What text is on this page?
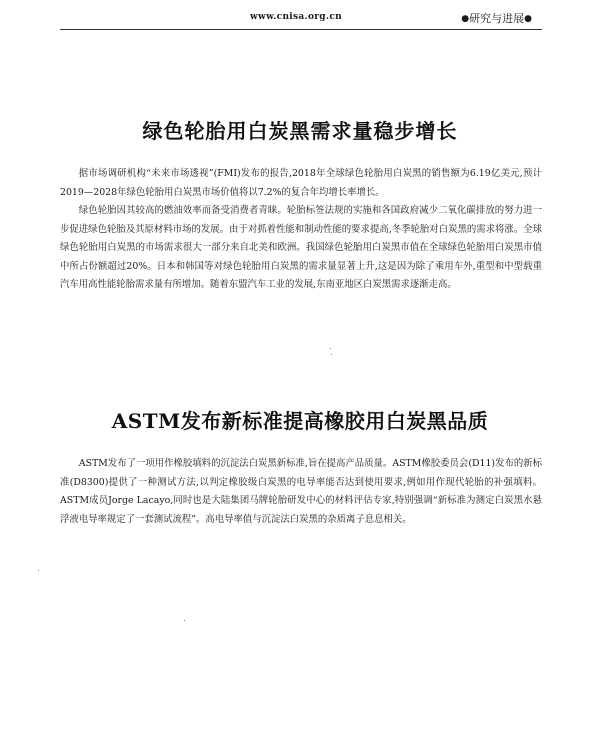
www.cnisa.org.cn	●研究与进展●
绿色轮胎用白炭黑需求量稳步增长

据市场调研机构“未来市场透视”(FMI)发布的报告,2018年全球绿色轮胎用白炭黑的销售额为6.19亿美元,预计2019—2028年绿色轮胎用白炭黑市场价值将以7.2%的复合年均增长率增长。

绿色轮胎因其较高的燃油效率而备受消费者青睐。轮胎标签法规的实施和各国政府减少二氧化碳排放的努力进一步促进绿色轮胎及其原材料市场的发展。由于对抓着性能和制动性能的要求提高,冬季轮胎对白炭黑的需求将涨。全球绿色轮胎用白炭黑的市场需求很大一部分来自北美和欧洲。我国绿色轮胎用白炭黑市值在全球绿色轮胎用白炭黑市值中所占份额超过20%。日本和韩国等对绿色轮胎用白炭黑的需求量显著上升,这是因为除了乘用车外,重型和中型载重汽车用高性能轮胎需求量有所增加。随着东盟汽车工业的发展,东南亚地区白炭黑需求逐渐走高。

ASTM发布新标准提高橡胶用白炭黑品质

ASTM发布了一项用作橡胶填料的沉淀法白炭黑新标准,旨在提高产品质量。ASTM橡胶委员会(D11)发布的新标准(D8300)提供了一种测试方法,以判定橡胶级白炭黑的电导率能否达到使用要求,例如用作现代轮胎的补强填料。ASTM成员Jorge Lacayo,同时也是大陆集团马牌轮胎研发中心的材料评估专家,特别强调“新标准为测定白炭黑水悬浮液电导率规定了一套测试流程”。高电导率值与沉淀法白炭黑的杂质离子息息相关。
